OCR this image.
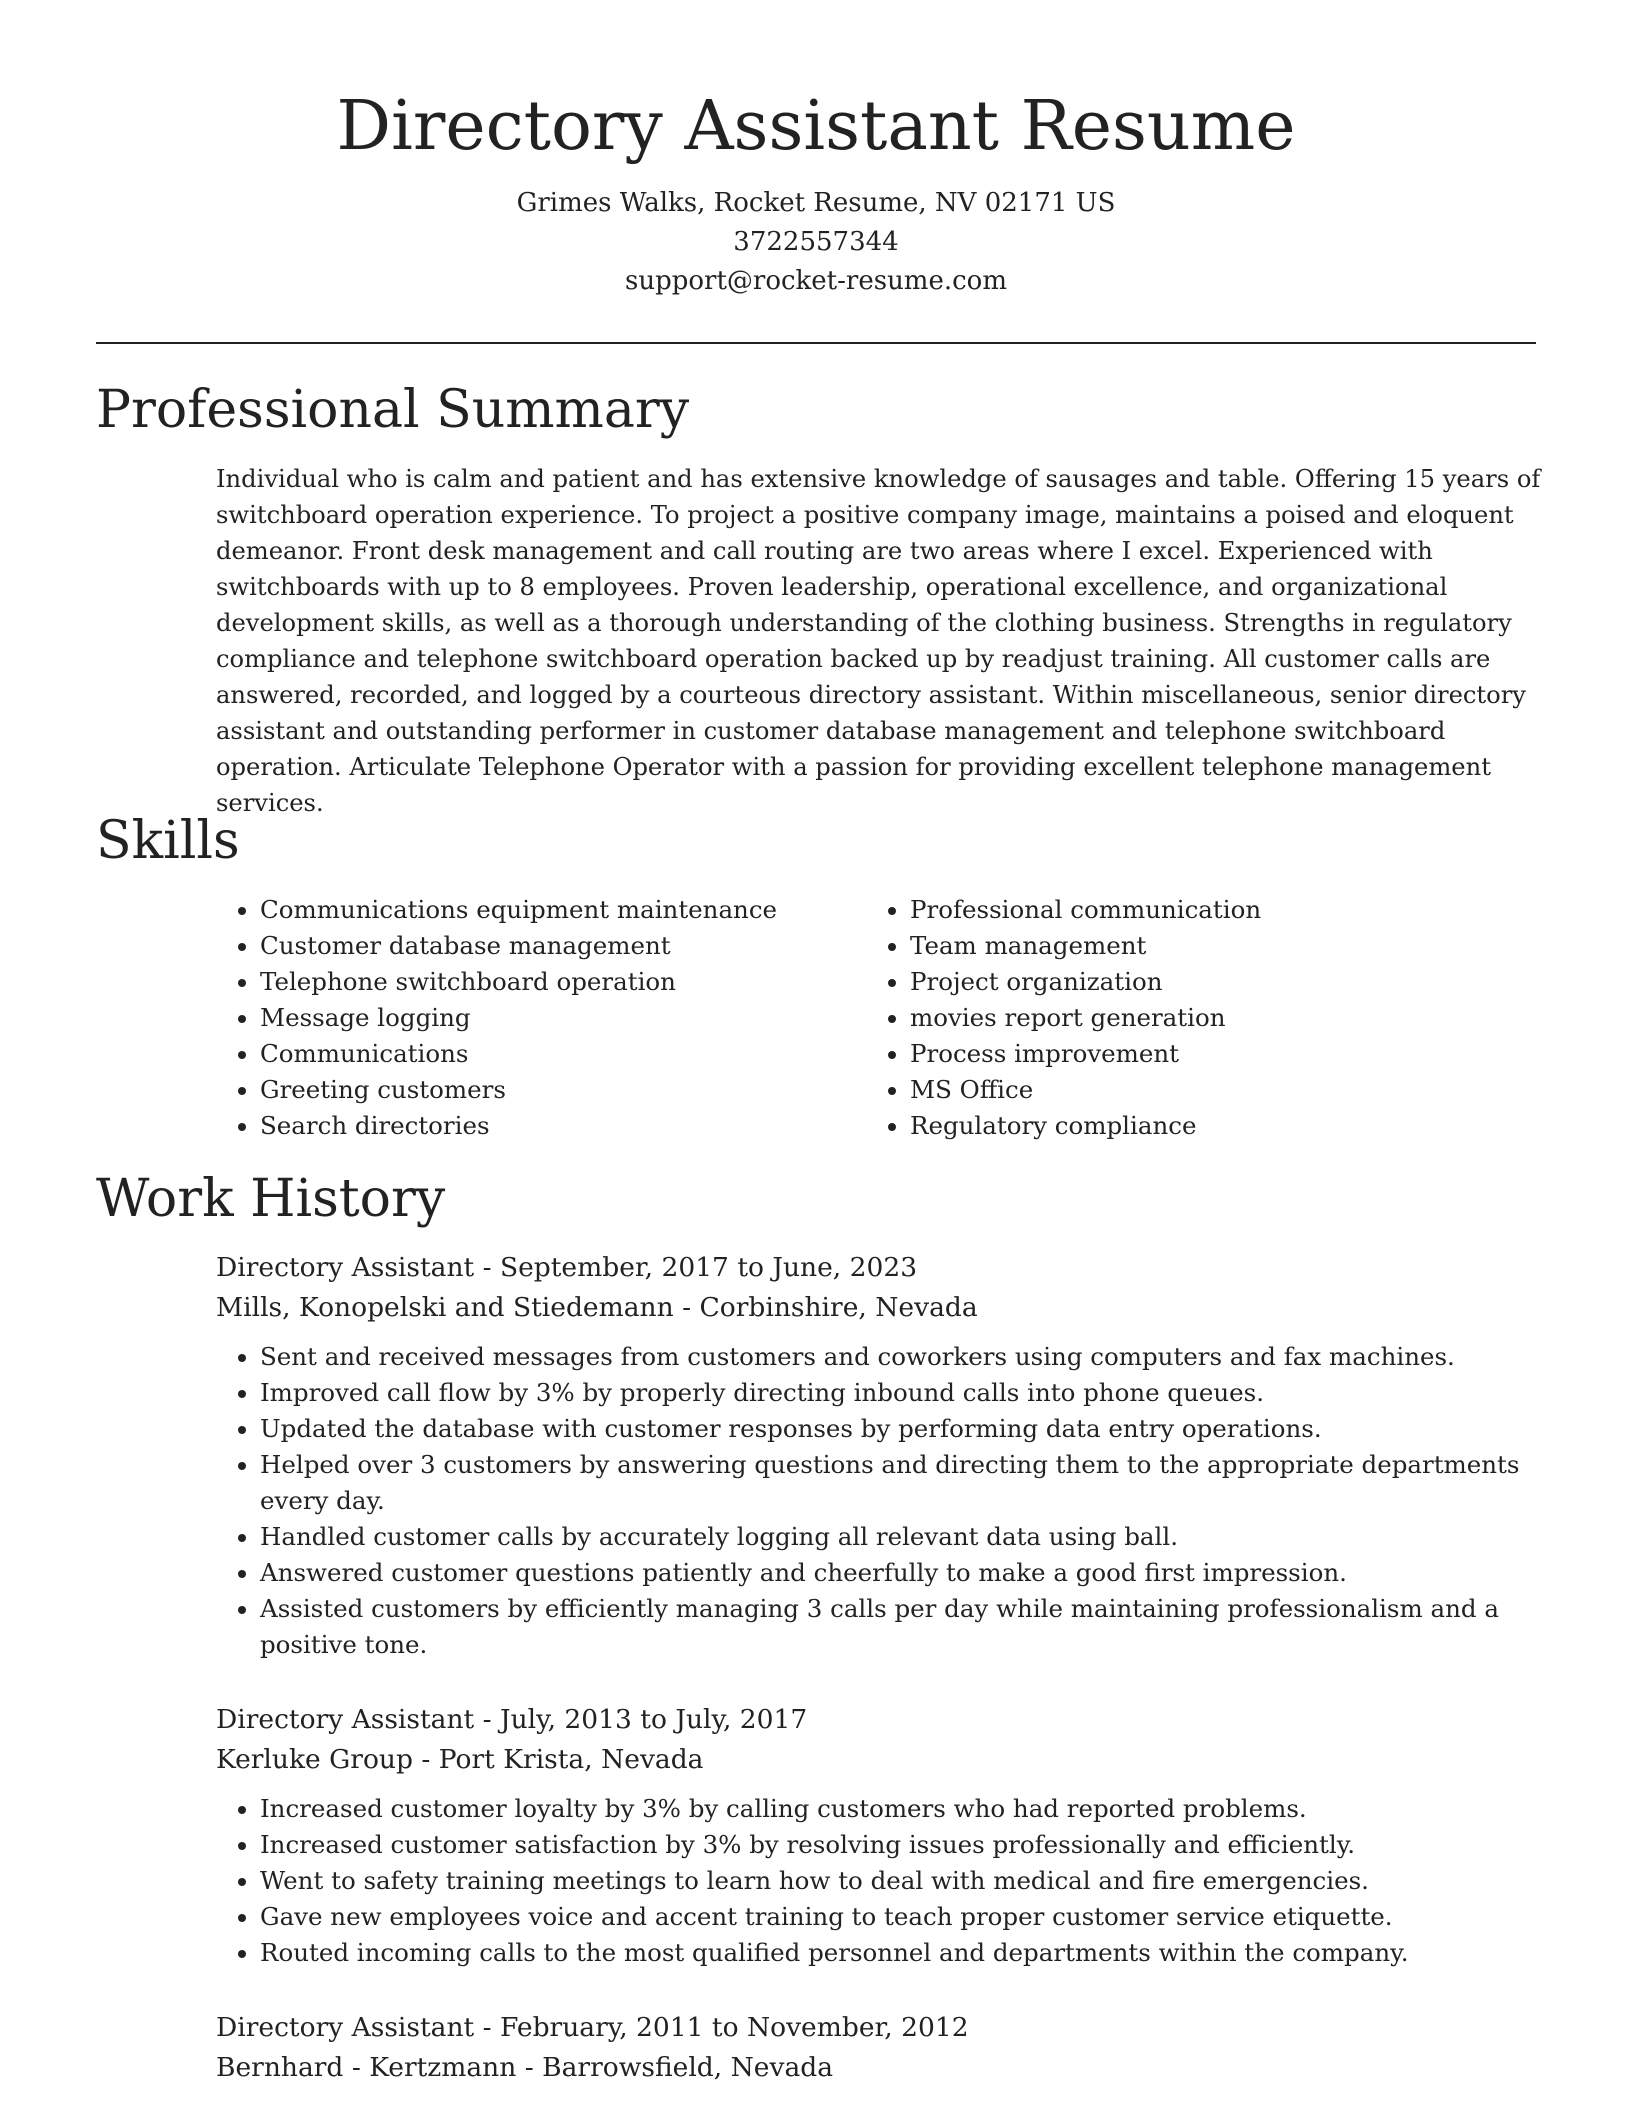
Directory Assistant Resume
Grimes Walks, Rocket Resume, NV 02171 US
3722557344
support@rocket-resume.com
Professional Summary

Individual who is calm and patient and has extensive knowledge of sausages and table. Offering 15 years of switchboard operation experience. To project a positive company image, maintains a poised and eloquent demeanor. Front desk management and call routing are two areas where I excel. Experienced with switchboards with up to 8 employees. Proven leadership, operational excellence, and organizational development skills, as well as a thorough understanding of the clothing business. Strengths in regulatory compliance and telephone switchboard operation backed up by readjust training. All customer calls are answered, recorded, and logged by a courteous directory assistant. Within miscellaneous, senior directory assistant and outstanding performer in customer database management and telephone switchboard operation. Articulate Telephone Operator with a passion for providing excellent telephone management services.

Skills
• Communications equipment maintenance
• Customer database management
• Telephone switchboard operation
• Message logging
• Communications
• Greeting customers
• Search directories
• Professional communication
• Team management
• Project organization
• movies report generation
• Process improvement
• MS Office
• Regulatory compliance
Work History
Directory Assistant - September, 2017 to June, 2023
Mills, Konopelski and Stiedemann - Corbinshire, Nevada
• Sent and received messages from customers and coworkers using computers and fax machines.
• Improved call flow by 3% by properly directing inbound calls into phone queues.
• Updated the database with customer responses by performing data entry operations.
• Helped over 3 customers by answering questions and directing them to the appropriate departments every day.
• Handled customer calls by accurately logging all relevant data using ball.
• Answered customer questions patiently and cheerfully to make a good first impression.
• Assisted customers by efficiently managing 3 calls per day while maintaining professionalism and a positive tone.
Directory Assistant - July, 2013 to July, 2017
Kerluke Group - Port Krista, Nevada
• Increased customer loyalty by 3% by calling customers who had reported problems.
• Increased customer satisfaction by 3% by resolving issues professionally and efficiently.
• Went to safety training meetings to learn how to deal with medical and fire emergencies.
• Gave new employees voice and accent training to teach proper customer service etiquette.
• Routed incoming calls to the most qualified personnel and departments within the company.
Directory Assistant - February, 2011 to November, 2012
Bernhard - Kertzmann - Barrowsfield, Nevada
